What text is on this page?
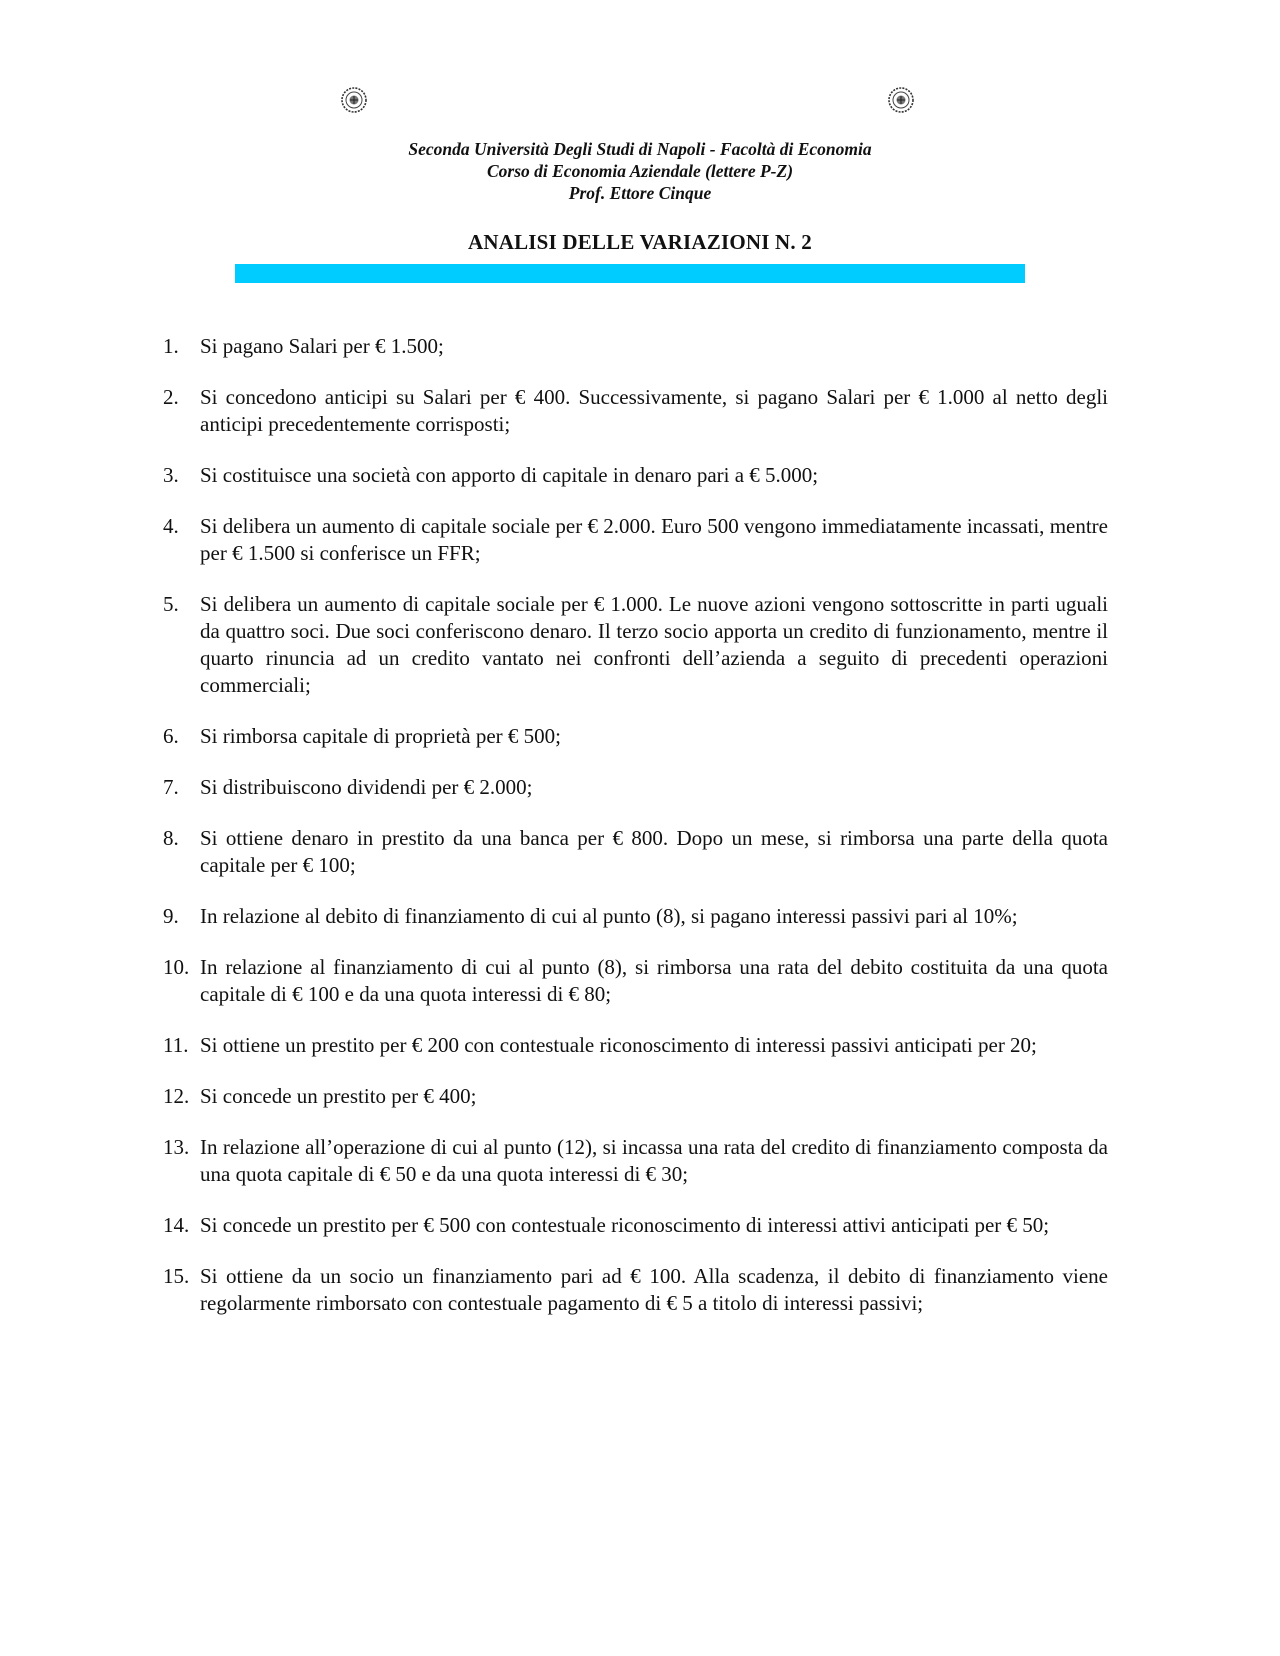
Seconda Università Degli Studi di Napoli - Facoltà di Economia
Corso di Economia Aziendale (lettere P-Z)
Prof. Ettore Cinque
ANALISI DELLE VARIAZIONI N. 2
1.	Si pagano Salari per € 1.500;
2.	Si concedono anticipi su Salari per € 400. Successivamente, si pagano Salari per € 1.000 al netto degli anticipi precedentemente corrisposti;
3.	Si costituisce una società con apporto di capitale in denaro pari a € 5.000;
4.	Si delibera un aumento di capitale sociale per € 2.000. Euro 500 vengono immediatamente incassati, mentre per € 1.500 si conferisce un FFR;
5.	Si delibera un aumento di capitale sociale per € 1.000. Le nuove azioni vengono sottoscritte in parti uguali da quattro soci. Due soci conferiscono denaro. Il terzo socio apporta un credito di funzionamento, mentre il quarto rinuncia ad un credito vantato nei confronti dell’azienda a seguito di precedenti operazioni commerciali;
6.	Si rimborsa capitale di proprietà per € 500;
7.	Si distribuiscono dividendi per € 2.000;
8.	Si ottiene denaro in prestito da una banca per € 800. Dopo un mese, si rimborsa una parte della quota capitale per € 100;
9.	In relazione al debito di finanziamento di cui al punto (8), si pagano interessi passivi pari al 10%;
10. In relazione al finanziamento di cui al punto (8), si rimborsa una rata del debito costituita da una quota capitale di € 100 e da una quota interessi di € 80;
11. Si ottiene un prestito per € 200 con contestuale riconoscimento di interessi passivi anticipati per 20;
12. Si concede un prestito per € 400;
13. In relazione all’operazione di cui al punto (12), si incassa una rata del credito di finanziamento composta da una quota capitale di € 50 e da una quota interessi di € 30;
14. Si concede un prestito per € 500 con contestuale riconoscimento di interessi attivi anticipati per € 50;
15. Si ottiene da un socio un finanziamento pari ad € 100. Alla scadenza, il debito di finanziamento viene regolarmente rimborsato con contestuale pagamento di € 5 a titolo di interessi passivi;
